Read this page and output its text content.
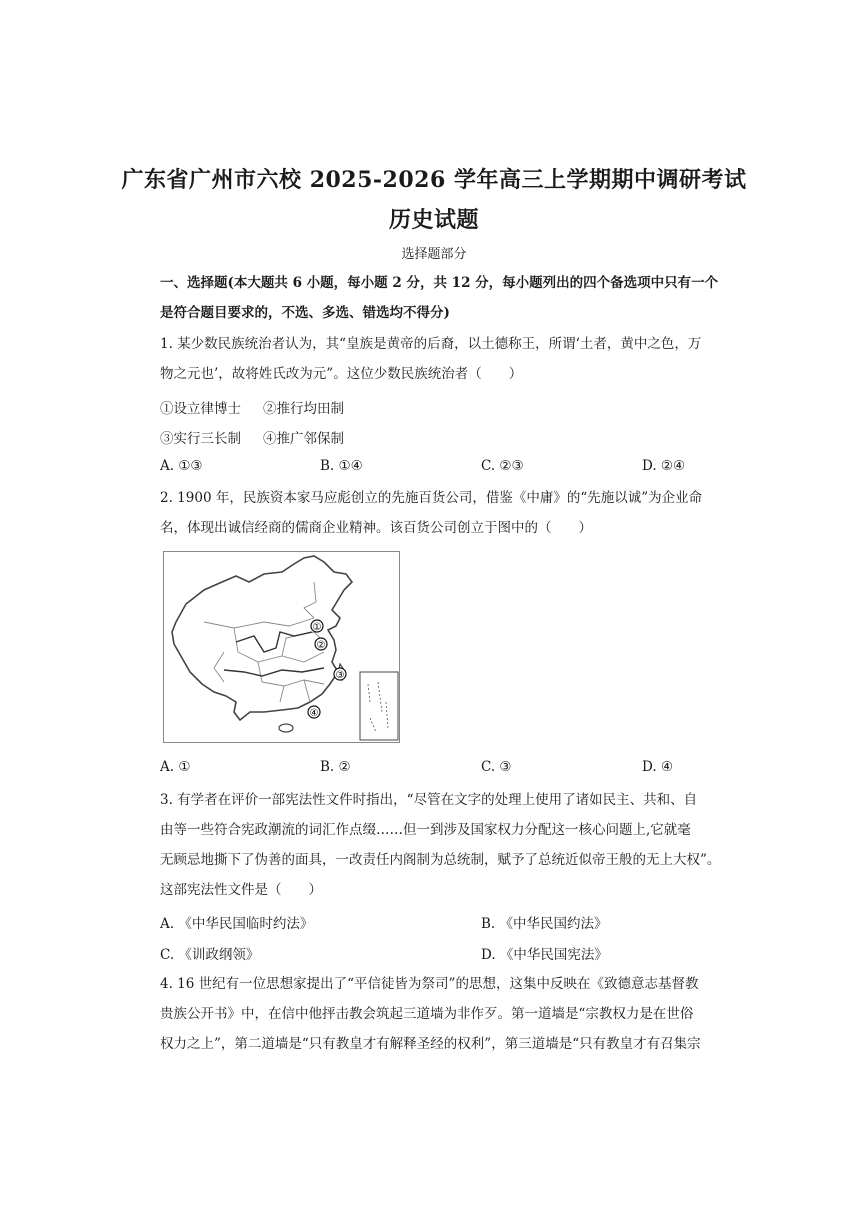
广东省广州市六校 2025-2026 学年高三上学期期中调研考试
历史试题
选择题部分
一、选择题(本大题共 6 小题，每小题 2 分，共 12 分，每小题列出的四个备选项中只有一个
是符合题目要求的，不选、多选、错选均不得分)
1. 某少数民族统治者认为，其“皇族是黄帝的后裔，以土德称王，所谓‘土者，黄中之色，万
物之元也’，故将姓氏改为元”。这位少数民族统治者（　　）
①设立律博士 ②推行均田制
③实行三长制 ④推广邻保制
A. ①③	B. ①④	C. ②③	D. ②④
2. 1900 年，民族资本家马应彪创立的先施百货公司，借鉴《中庸》的“先施以诚”为企业命
名，体现出诚信经商的儒商企业精神。该百货公司创立于图中的（　　）
①
②
③
④
A. ①	B. ②	C. ③	D. ④
3. 有学者在评价一部宪法性文件时指出，“尽管在文字的处理上使用了诸如民主、共和、自
由等一些符合宪政潮流的词汇作点缀……但一到涉及国家权力分配这一核心问题上,它就毫
无顾忌地撕下了伪善的面具，一改责任内阁制为总统制，赋予了总统近似帝王般的无上大权”。
这部宪法性文件是（　　）
A. 《中华民国临时约法》	B. 《中华民国约法》
C. 《训政纲领》	D. 《中华民国宪法》
4. 16 世纪有一位思想家提出了“平信徒皆为祭司”的思想，这集中反映在《致德意志基督教
贵族公开书》中，在信中他抨击教会筑起三道墙为非作歹。第一道墙是“宗教权力是在世俗
权力之上”，第二道墙是“只有教皇才有解释圣经的权利”，第三道墙是“只有教皇才有召集宗
